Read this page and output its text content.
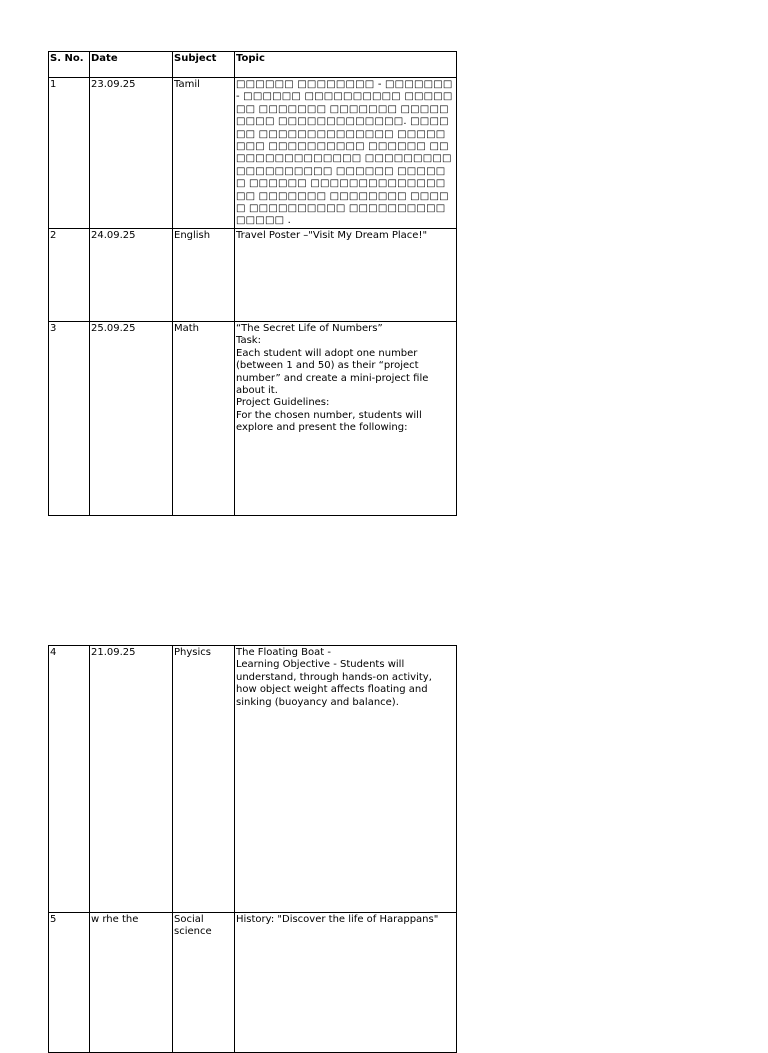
S. No.	Date	Subject	Topic
1	23.09.25	Tamil	□□□□□□ □□□□□□□□ - □□□□□□□ - □□□□□□ □□□□□□□□□□ □□□□□□□ □□□□□□□ □□□□□□□ □□□□□□□□□ □□□□□□□□□□□□□. □□□□□□ □□□□□□□□□□□□□□ □□□□□□□□ □□□□□□□□□□ □□□□□□ □□□□□□□□□□□□□□□ □□□□□□□□□□□□□□□□□□□ □□□□□□ □□□□□□ □□□□□□ □□□□□□□□□□□□□□□□ □□□□□□□ □□□□□□□□ □□□□□ □□□□□□□□□□ □□□□□□□□□□□□□□□ .
2	24.09.25	English	Travel Poster –"Visit My Dream Place!"
3	25.09.25	Math	“The Secret Life of Numbers”
Task:
Each student will adopt one number (between 1 and 50) as their “project number” and create a mini-project file about it.
Project Guidelines:
For the chosen number, students will explore and present the following:
4	21.09.25	Physics	The Floating Boat -
Learning Objective - Students will understand, through hands-on activity, how object weight affects floating and sinking (buoyancy and balance).
5	w rhe the	Social science	History: "Discover the life of Harappans"
